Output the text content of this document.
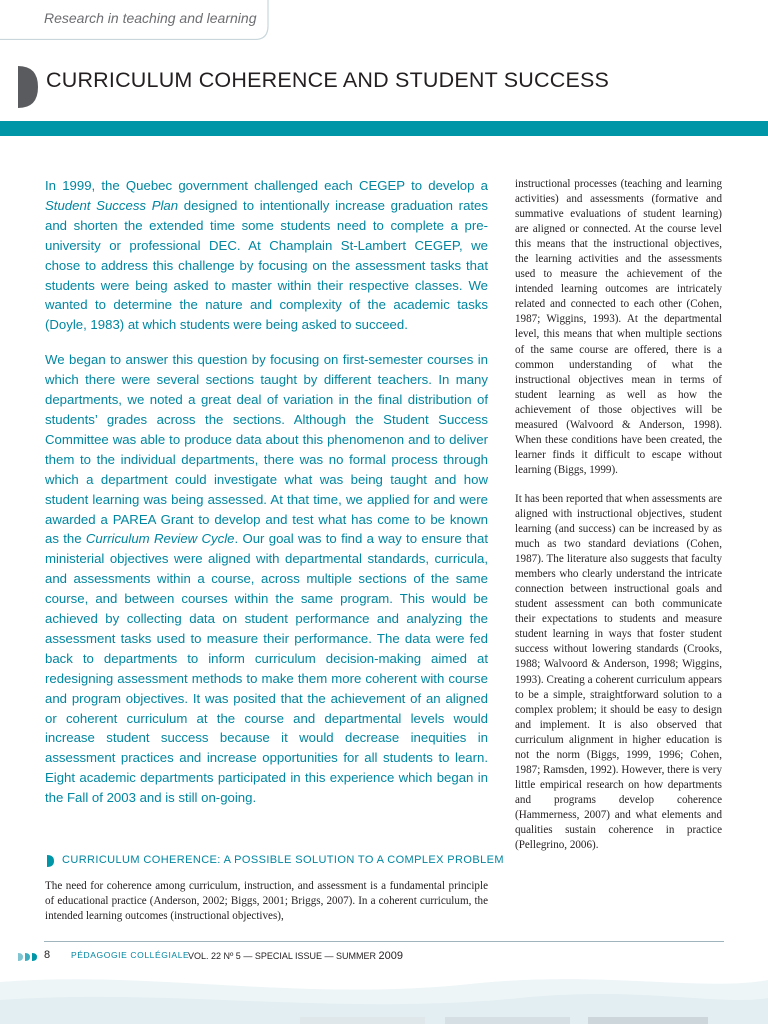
Research in teaching and learning
CURRICULUM COHERENCE AND STUDENT SUCCESS

In 1999, the Quebec government challenged each CEGEP to develop a Student Success Plan designed to intentionally increase graduation rates and shorten the extended time some students need to complete a pre-university or professional DEC. At Champlain St-Lambert CEGEP, we chose to address this challenge by focusing on the assessment tasks that students were being asked to master within their respective classes. We wanted to determine the nature and complexity of the academic tasks (Doyle, 1983) at which students were being asked to succeed.

We began to answer this question by focusing on first-semester courses in which there were several sections taught by different teachers. In many departments, we noted a great deal of variation in the final distribution of students’ grades across the sections. Although the Student Success Committee was able to produce data about this phenomenon and to deliver them to the individual departments, there was no formal process through which a department could investigate what was being taught and how student learning was being assessed. At that time, we applied for and were awarded a PAREA Grant to develop and test what has come to be known as the Curriculum Review Cycle. Our goal was to find a way to ensure that ministerial objectives were aligned with departmental standards, curricula, and assessments within a course, across multiple sections of the same course, and between courses within the same program. This would be achieved by collecting data on student performance and analyzing the assessment tasks used to measure their performance. The data were fed back to departments to inform curriculum decision-making aimed at redesigning assessment methods to make them more coherent with course and program objectives. It was posited that the achievement of an aligned or coherent curriculum at the course and departmental levels would increase student success because it would decrease inequities in assessment practices and increase opportunities for all students to learn. Eight academic departments participated in this experience which began in the Fall of 2003 and is still on-going.

CURRICULUM COHERENCE: A POSSIBLE SOLUTION TO A COMPLEX PROBLEM

The need for coherence among curriculum, instruction, and assessment is a fundamental principle of educational practice (Anderson, 2002; Biggs, 2001; Briggs, 2007). In a coherent curriculum, the intended learning outcomes (instructional objectives),

instructional processes (teaching and learning activities) and assessments (formative and summative evaluations of student learning) are aligned or connected. At the course level this means that the instructional objectives, the learning activities and the assessments used to measure the achievement of the intended learning outcomes are intricately related and connected to each other (Cohen, 1987; Wiggins, 1993). At the departmental level, this means that when multiple sections of the same course are offered, there is a common understanding of what the instructional objectives mean in terms of student learning as well as how the achievement of those objectives will be measured (Walvoord & Anderson, 1998). When these conditions have been created, the learner finds it difficult to escape without learning (Biggs, 1999).

It has been reported that when assessments are aligned with instructional objectives, student learning (and success) can be increased by as much as two standard deviations (Cohen, 1987). The literature also suggests that faculty members who clearly understand the intricate connection between instructional goals and student assessment can both communicate their expectations to students and measure student learning in ways that foster student success without lowering standards (Crooks, 1988; Walvoord & Anderson, 1998; Wiggins, 1993). Creating a coherent curriculum appears to be a simple, straightforward solution to a complex problem; it should be easy to design and implement. It is also observed that curriculum alignment in higher education is not the norm (Biggs, 1999, 1996; Cohen, 1987; Ramsden, 1992). However, there is very little empirical research on how departments and programs develop coherence (Hammerness, 2007) and what elements and qualities sustain coherence in practice (Pellegrino, 2006).

8 PÉDAGOGIE COLLÉGIALE
VOL. 22 Nº 5 — SPECIAL ISSUE — SUMMER 2009
